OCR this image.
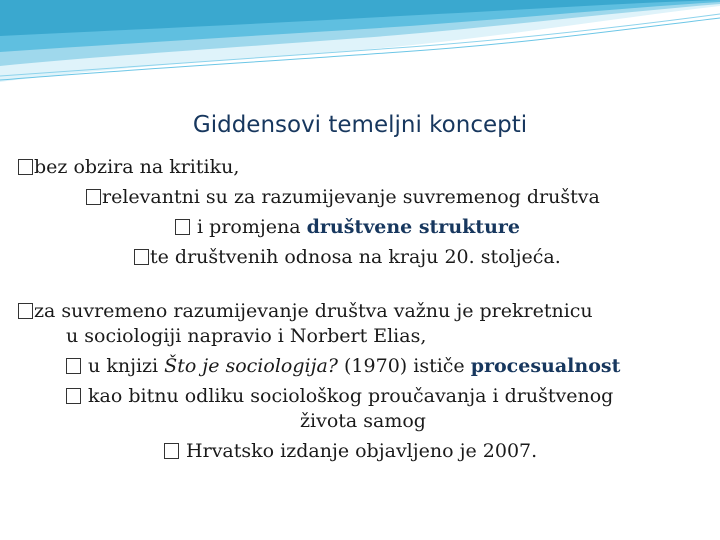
Giddensovi temeljni koncepti
bez obzira na kritiku,
relevantni su za razumijevanje suvremenog društva
i promjena društvene strukture
te društvenih odnosa na kraju 20. stoljeća.
za suvremeno razumijevanje društva važnu je prekretnicu
u sociologiji napravio i Norbert Elias,
u knjizi Što je sociologija? (1970) ističe procesualnost
kao bitnu odliku sociološkog proučavanja i društvenog
života samog
Hrvatsko izdanje objavljeno je 2007.
